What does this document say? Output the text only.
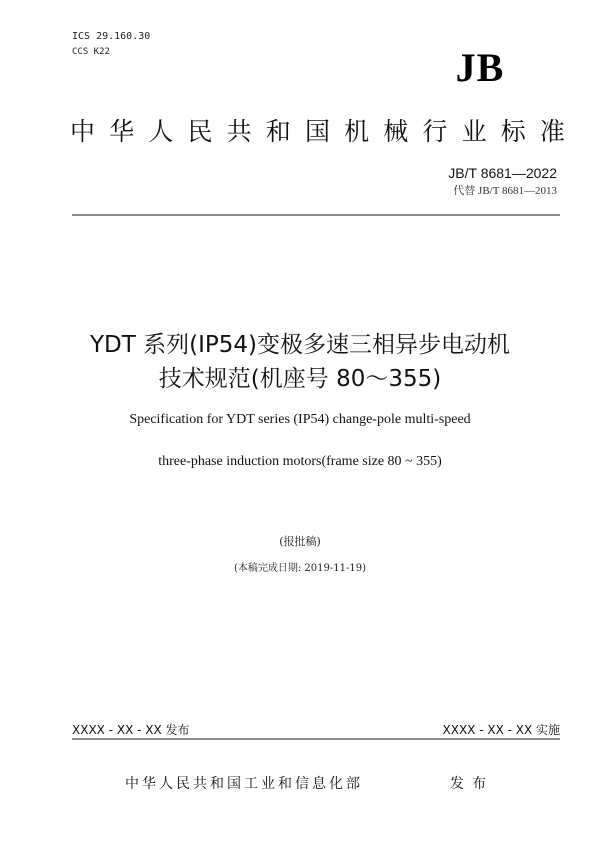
ICS 29.160.30
CCS K22	JB
中 华 人 民 共 和 国 机 械 行 业 标 准
JB/T 8681—2022
代替 JB/T 8681—2013
YDT 系列(IP54)变极多速三相异步电动机
技术规范(机座号 80～355)
Specification for YDT series (IP54) change-pole multi-speed
three-phase induction motors(frame size 80 ~ 355)
(报批稿)
(本稿完成日期: 2019-11-19)
XXXX - XX - XX 发布	XXXX - XX - XX 实施
中华人民共和国工业和信息化部	发布
